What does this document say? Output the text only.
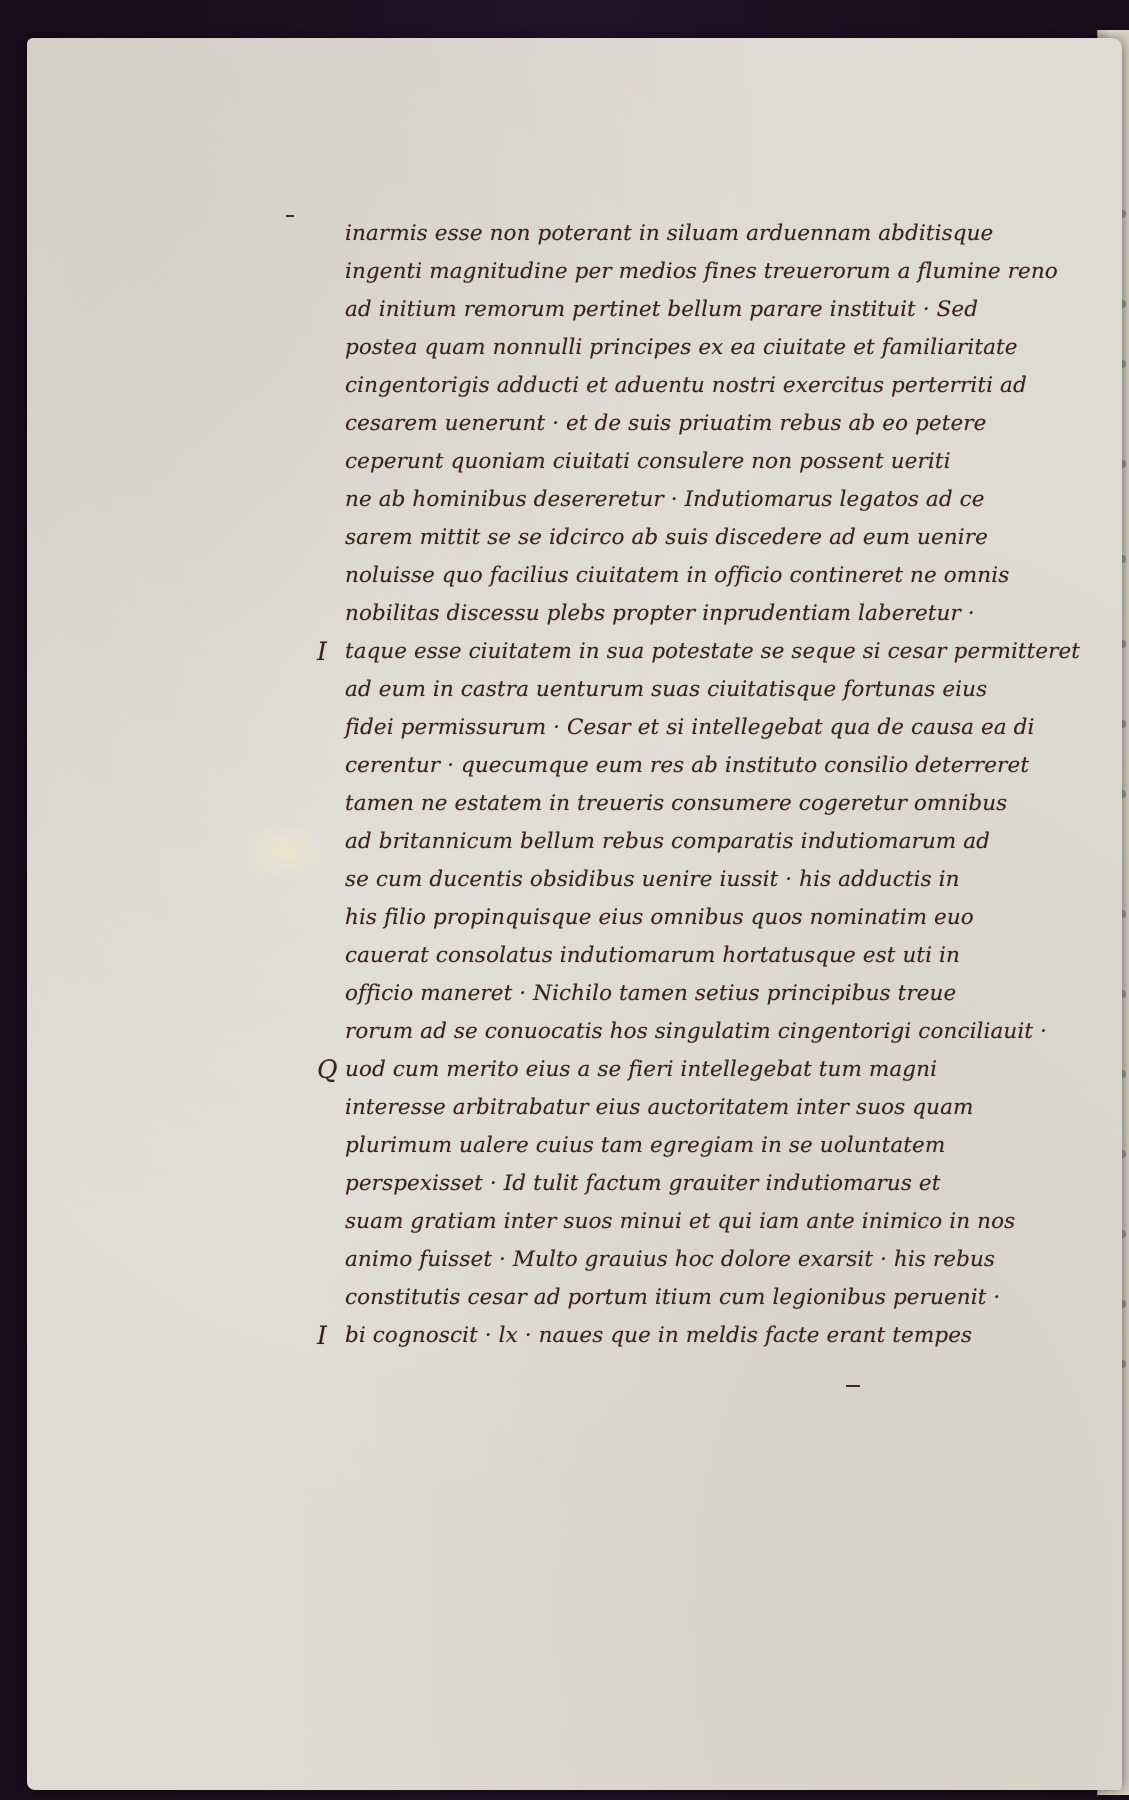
inarmis esse non poterant in siluam arduennam abditisque
ingenti magnitudine per medios fines treuerorum a flumine reno
ad initium remorum pertinet bellum parare instituit · Sed
postea quam nonnulli principes ex ea ciuitate et familiaritate
cingentorigis adducti et aduentu nostri exercitus perterriti ad
cesarem uenerunt · et de suis priuatim rebus ab eo petere
ceperunt quoniam ciuitati consulere non possent ueriti
ne ab hominibus desereretur · Indutiomarus legatos ad ce
sarem mittit se se idcirco ab suis discedere ad eum uenire
noluisse quo facilius ciuitatem in officio contineret ne omnis
nobilitas discessu plebs propter inprudentiam laberetur ·
I taque esse ciuitatem in sua potestate se seque si cesar permitteret
ad eum in castra uenturum suas ciuitatisque fortunas eius
fidei permissurum · Cesar et si intellegebat qua de causa ea di
cerentur · quecumque eum res ab instituto consilio deterreret
tamen ne estatem in treueris consumere cogeretur omnibus
ad britannicum bellum rebus comparatis indutiomarum ad
se cum ducentis obsidibus uenire iussit · his adductis in
his filio propinquisque eius omnibus quos nominatim euo
cauerat consolatus indutiomarum hortatusque est uti in
officio maneret · Nichilo tamen setius principibus treue
rorum ad se conuocatis hos singulatim cingentorigi conciliauit ·
Q uod cum merito eius a se fieri intellegebat tum magni
interesse arbitrabatur eius auctoritatem inter suos quam
plurimum ualere cuius tam egregiam in se uoluntatem
perspexisset · Id tulit factum grauiter indutiomarus et
suam gratiam inter suos minui et qui iam ante inimico in nos
animo fuisset · Multo grauius hoc dolore exarsit · his rebus
constitutis cesar ad portum itium cum legionibus peruenit ·
I bi cognoscit · lx · naues que in meldis facte erant tempes
